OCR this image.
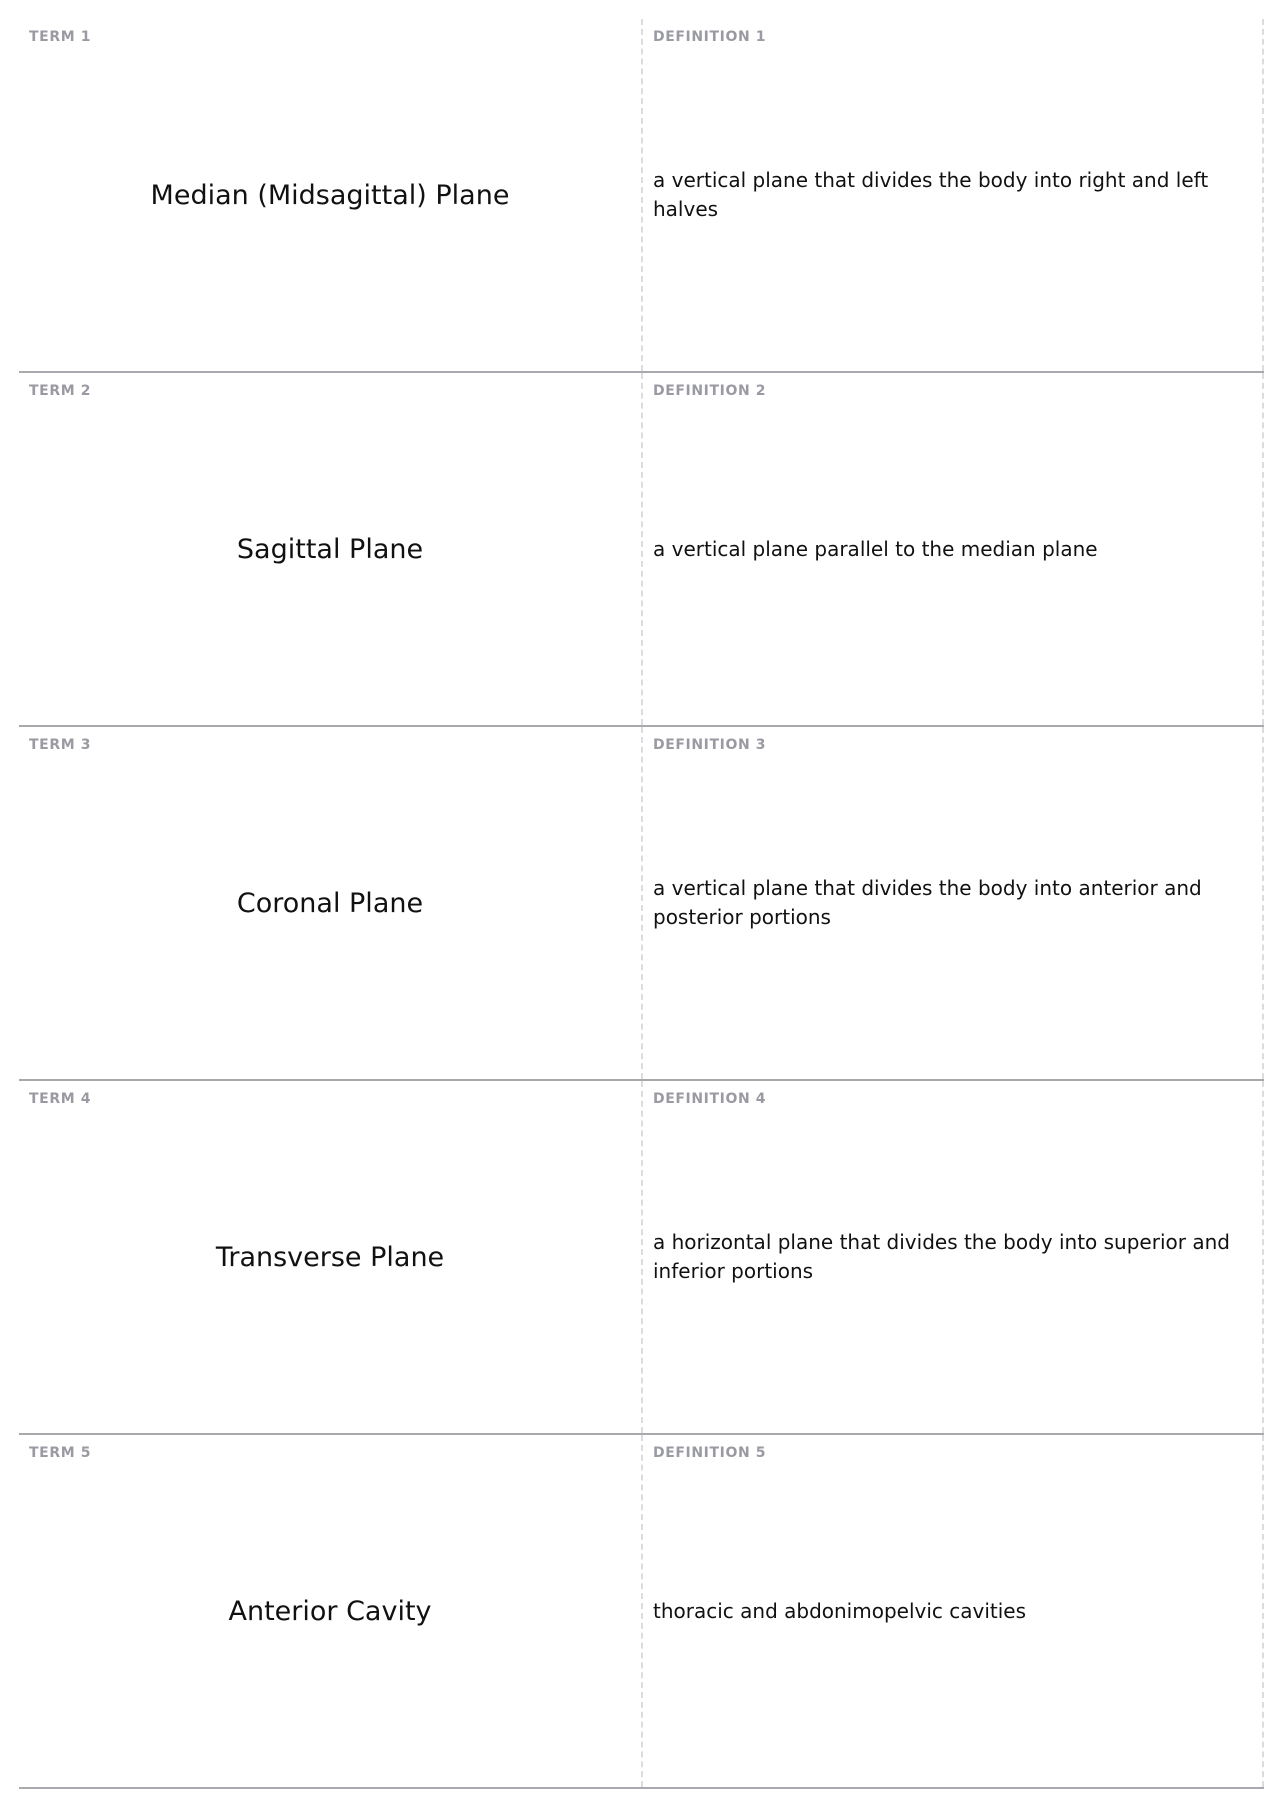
TERM 1
Median (Midsagittal) Plane
DEFINITION 1
a vertical plane that divides the body into right and left halves
TERM 2
Sagittal Plane
DEFINITION 2
a vertical plane parallel to the median plane
TERM 3
Coronal Plane
DEFINITION 3
a vertical plane that divides the body into anterior and posterior portions
TERM 4
Transverse Plane
DEFINITION 4
a horizontal plane that divides the body into superior and inferior portions
TERM 5
Anterior Cavity
DEFINITION 5
thoracic and abdonimopelvic cavities
